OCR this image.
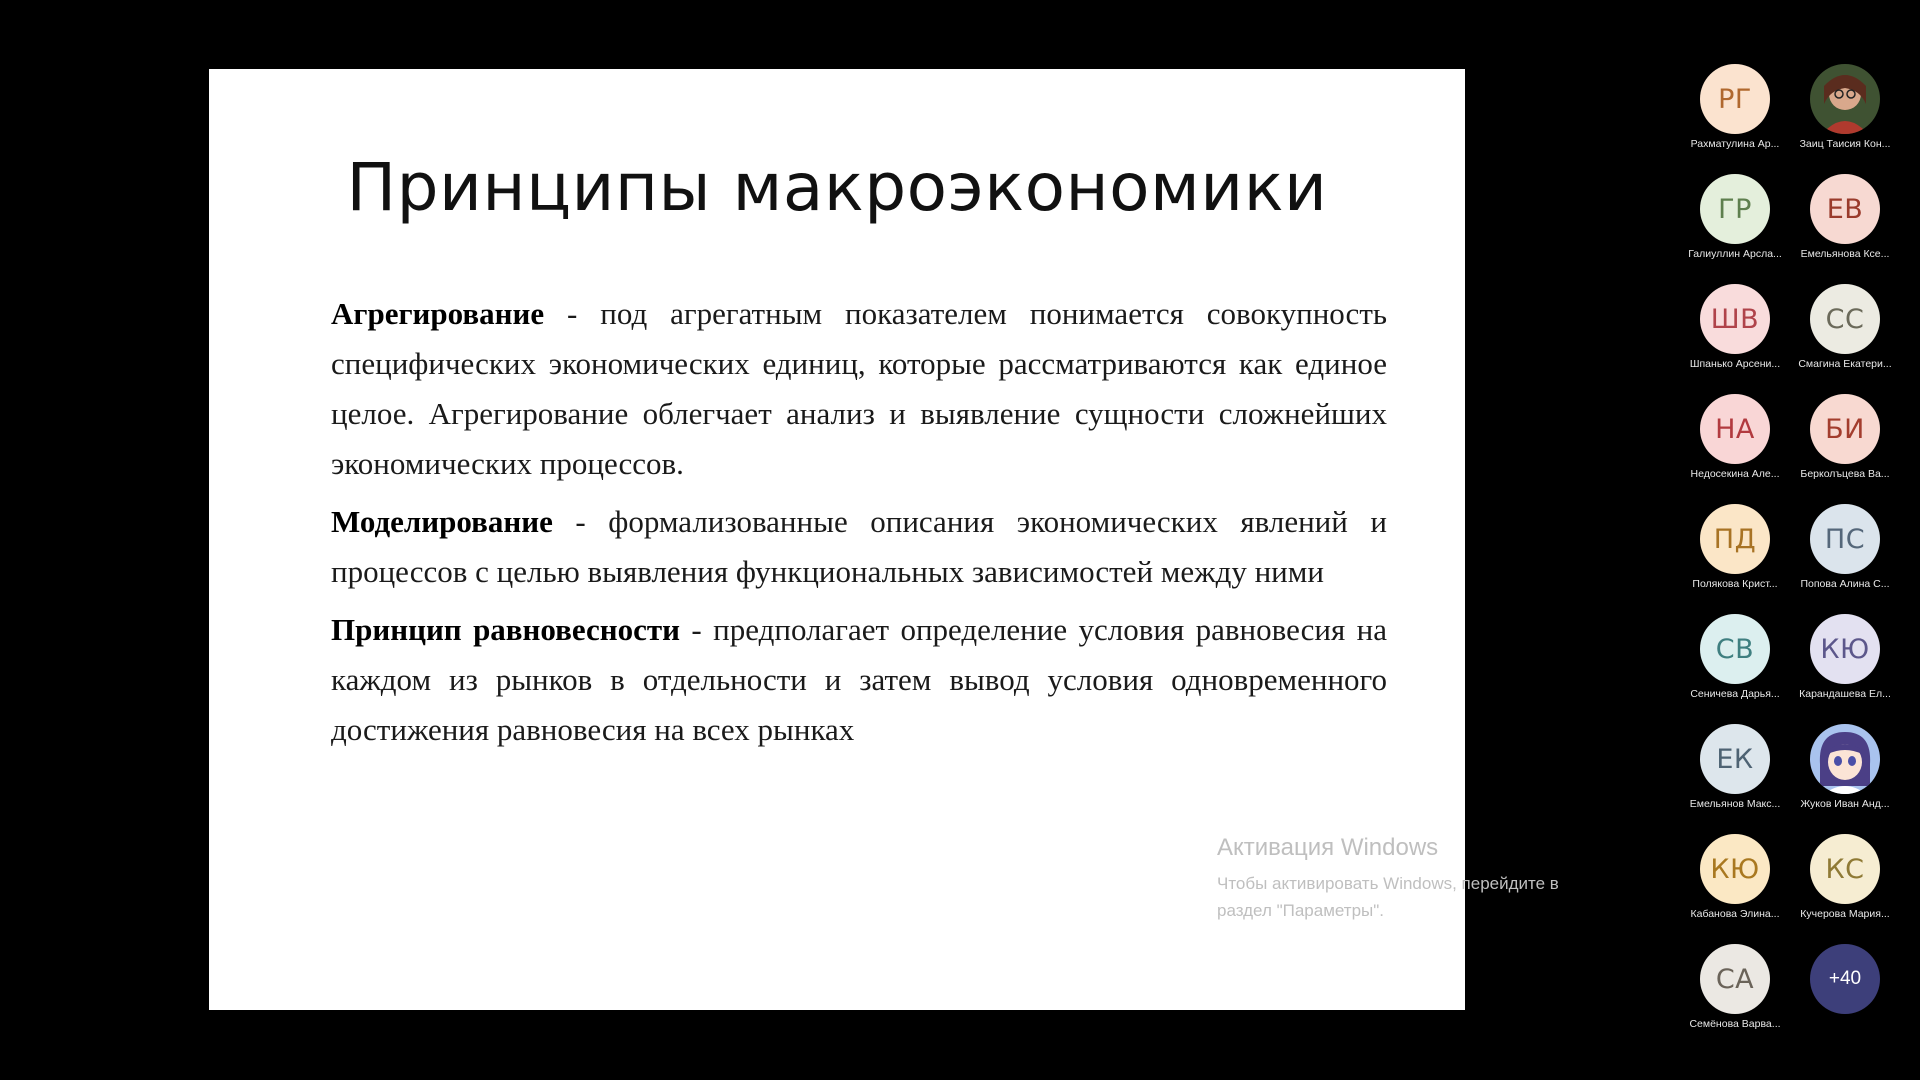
Принципы макроэкономики

Агрегирование - под агрегатным показателем понимается совокупность специфических экономических единиц, которые рассматриваются как единое целое. Агрегирование облегчает анализ и выявление сущности сложнейших экономических процессов.

Моделирование - формализованные описания экономических явлений и процессов с целью выявления функциональных зависимостей между ними

Принцип равновесности - предполагает определение условия равновесия на каждом из рынков в отдельности и затем вывод условия одновременного достижения равновесия на всех рынках

Активация Windows

Чтобы активировать Windows, перейдите в

раздел "Параметры".

РГ
Рахматулина Ар...	Заиц Таисия Кон...
ГР
Галиуллин Арсла...
ЕВ
Емельянова Ксе...
ШВ
Шпанько Арсени...
СС
Смагина Екатери...
НА
Недосекина Але...
БИ
Берколъцева Ва...
ПД
Полякова Крист...
ПС
Попова Алина С...
СВ
Сеничева Дарья...
КЮ
Карандашева Ел...
ЕК
Емельянов Макс...	Жуков Иван Анд...
КЮ
Кабанова Элина...
КС
Кучерова Мария...
СА
Семёнова Варва...
+40
